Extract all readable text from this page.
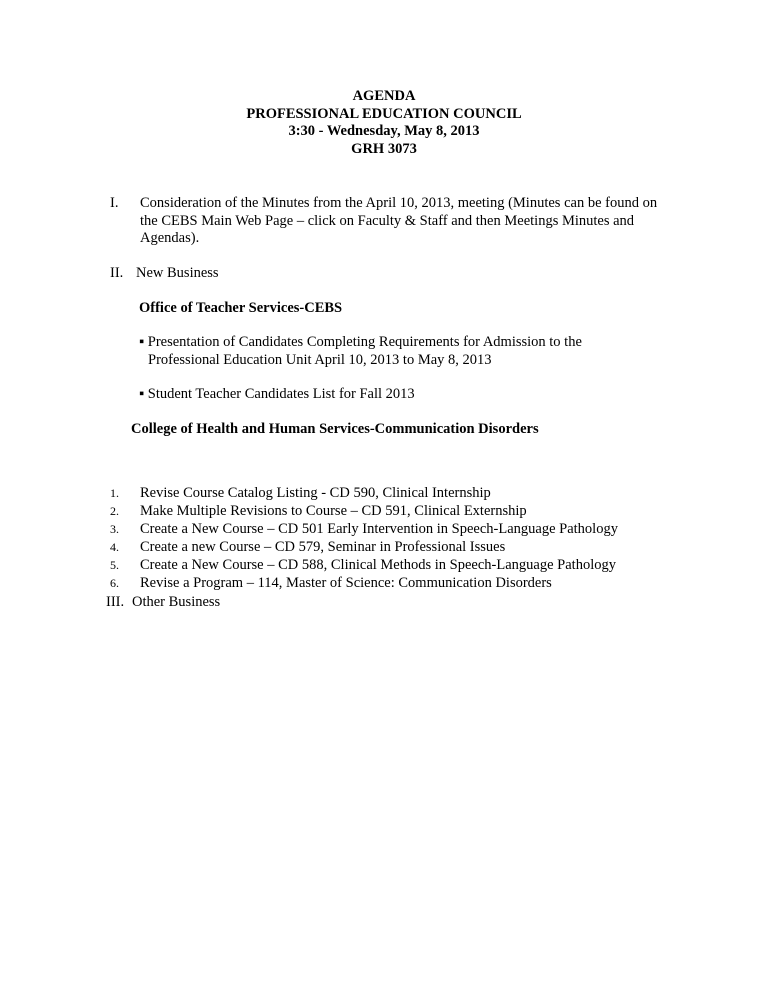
AGENDA
PROFESSIONAL EDUCATION COUNCIL
3:30 - Wednesday, May 8, 2013
GRH 3073
I. Consideration of the Minutes from the April 10, 2013, meeting (Minutes can be found on the CEBS Main Web Page – click on Faculty & Staff and then Meetings Minutes and Agendas).
II. New Business
Office of Teacher Services-CEBS
▪ Presentation of Candidates Completing Requirements for Admission to the
Professional Education Unit April 10, 2013 to May 8, 2013
▪ Student Teacher Candidates List for Fall 2013
College of Health and Human Services-Communication Disorders
1.	Revise Course Catalog Listing - CD 590, Clinical Internship
2.	Make Multiple Revisions to Course – CD 591, Clinical Externship
3.	Create a New Course – CD 501 Early Intervention in Speech-Language Pathology
4.	Create a new Course – CD 579, Seminar in Professional Issues
5.	Create a New Course – CD 588, Clinical Methods in Speech-Language Pathology
6.	Revise a Program – 114, Master of Science: Communication Disorders
III. Other Business
